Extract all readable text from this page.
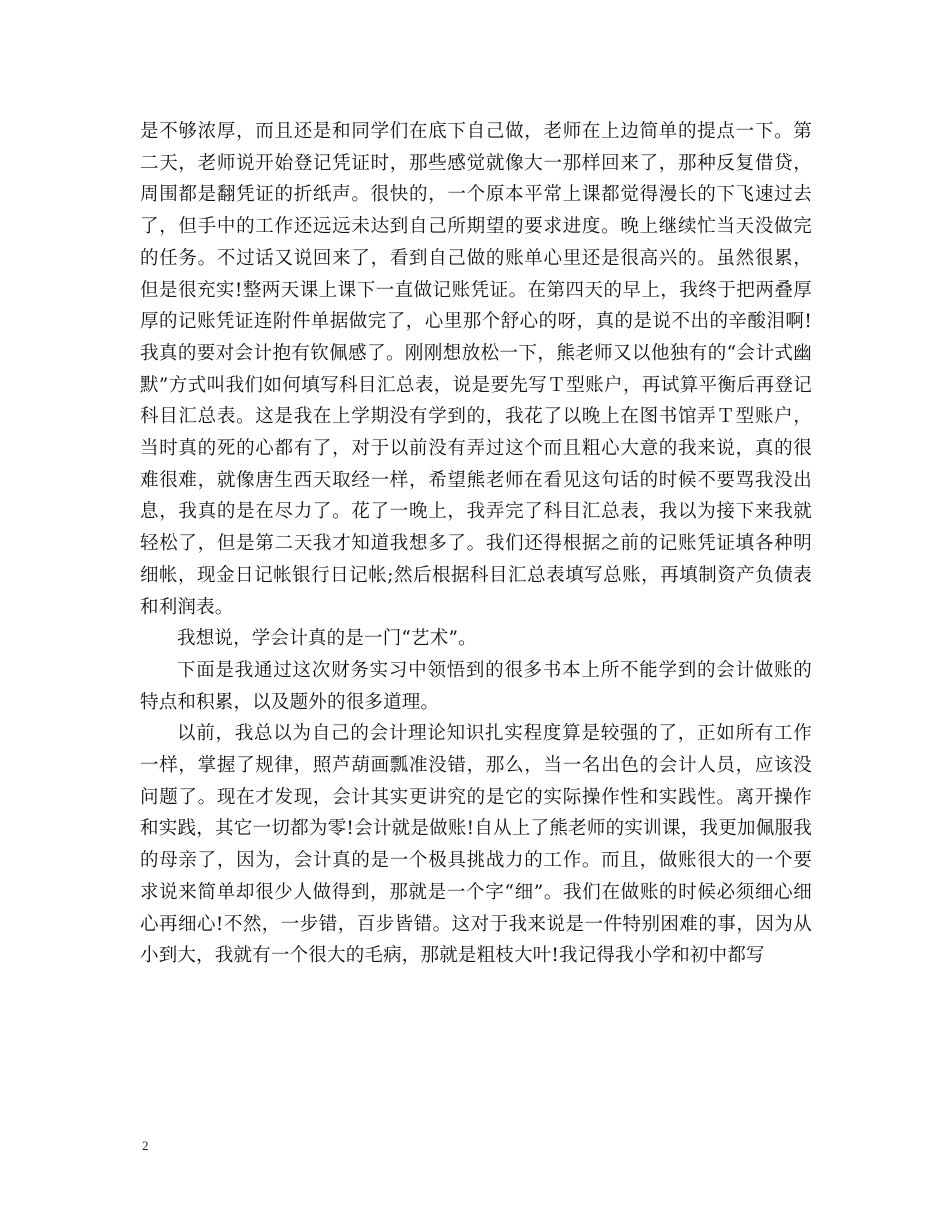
是不够浓厚，而且还是和同学们在底下自己做，老师在上边简单的提点一下。第二天，老师说开始登记凭证时，那些感觉就像大一那样回来了，那种反复借贷，周围都是翻凭证的折纸声。很快的，一个原本平常上课都觉得漫长的下飞速过去了，但手中的工作还远远未达到自己所期望的要求进度。晚上继续忙当天没做完的任务。不过话又说回来了，看到自己做的账单心里还是很高兴的。虽然很累，但是很充实!整两天课上课下一直做记账凭证。在第四天的早上，我终于把两叠厚厚的记账凭证连附件单据做完了，心里那个舒心的呀，真的是说不出的辛酸泪啊!我真的要对会计抱有钦佩感了。刚刚想放松一下，熊老师又以他独有的“会计式幽默”方式叫我们如何填写科目汇总表，说是要先写Ｔ型账户，再试算平衡后再登记科目汇总表。这是我在上学期没有学到的，我花了以晚上在图书馆弄Ｔ型账户，当时真的死的心都有了，对于以前没有弄过这个而且粗心大意的我来说，真的很难很难，就像唐生西天取经一样，希望熊老师在看见这句话的时候不要骂我没出息，我真的是在尽力了。花了一晚上，我弄完了科目汇总表，我以为接下来我就轻松了，但是第二天我才知道我想多了。我们还得根据之前的记账凭证填各种明细帐，现金日记帐银行日记帐;然后根据科目汇总表填写总账，再填制资产负债表和利润表。

我想说，学会计真的是一门“艺术”。

下面是我通过这次财务实习中领悟到的很多书本上所不能学到的会计做账的特点和积累，以及题外的很多道理。

以前，我总以为自己的会计理论知识扎实程度算是较强的了，正如所有工作一样，掌握了规律，照芦葫画瓢准没错，那么，当一名出色的会计人员，应该没问题了。现在才发现，会计其实更讲究的是它的实际操作性和实践性。离开操作和实践，其它一切都为零!会计就是做账!自从上了熊老师的实训课，我更加佩服我的母亲了，因为，会计真的是一个极具挑战力的工作。而且，做账很大的一个要求说来简单却很少人做得到，那就是一个字“细”。我们在做账的时候必须细心细心再细心!不然，一步错，百步皆错。这对于我来说是一件特别困难的事，因为从小到大，我就有一个很大的毛病，那就是粗枝大叶!我记得我小学和初中都写

2
